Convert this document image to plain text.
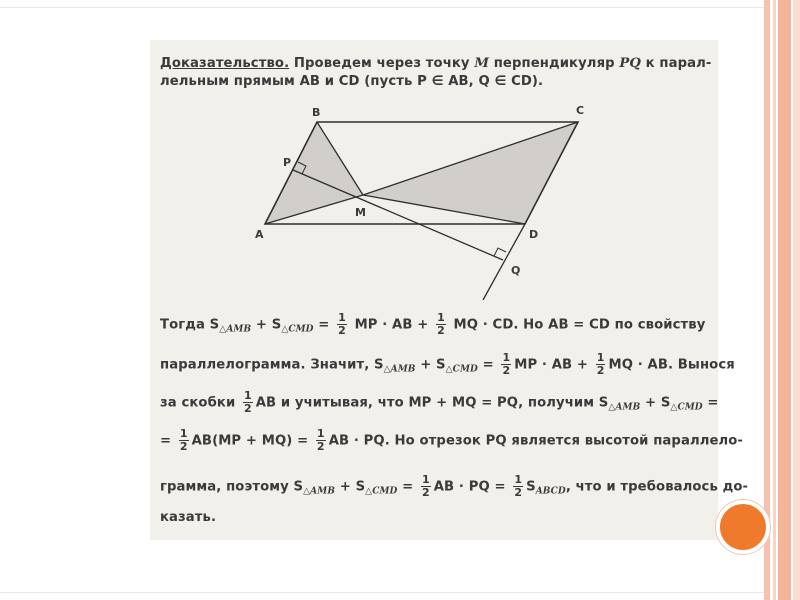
Доказательство. Проведем через точку M перпендикуляр PQ к парал-
лельным прямым AB и CD (пусть P ∈ AB, Q ∈ CD).
A
B	C
D
M
P
Q
Тогда $S_{\triangle AMB} + S_{\triangle CMD} = \frac{1}{2}$ MP · AB + $\frac{1}{2}$ MQ · CD. Но AB = CD по свойству
параллелограмма. Значит, $S_{\triangle AMB} + S_{\triangle CMD} = \frac{1}{2}$ MP · AB + $\frac{1}{2}$ MQ · AB. Вынося
за скобки $\frac{1}{2}$ AB и учитывая, что MP + MQ = PQ, получим $S_{\triangle AMB} + S_{\triangle CMD}$ =
= $\frac{1}{2} AB(MP + MQ) = \frac{1}{2}$ AB · PQ. Но отрезок PQ является высотой параллело-
грамма, поэтому $S_{\triangle AMB} + S_{\triangle CMD} = \frac{1}{2}$ AB · PQ = $\frac{1}{2} S_{ABCD}$, что и требовалось до-
казать.
